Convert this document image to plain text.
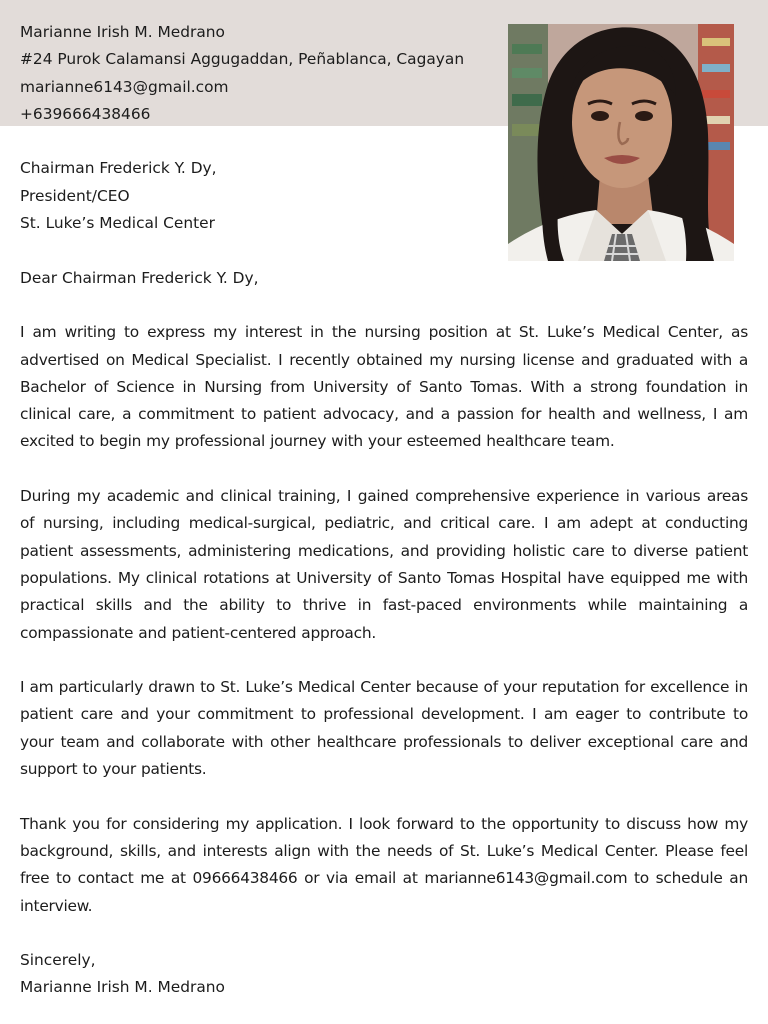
Marianne Irish M. Medrano
#24 Purok Calamansi Aggugaddan, Peñablanca, Cagayan
marianne6143@gmail.com
+639666438466
Chairman Frederick Y. Dy,
President/CEO
St. Luke’s Medical Center
Dear Chairman Frederick Y. Dy,

I am writing to express my interest in the nursing position at St. Luke’s Medical Center, as advertised on Medical Specialist. I recently obtained my nursing license and graduated with a Bachelor of Science in Nursing from University of Santo Tomas. With a strong foundation in clinical care, a commitment to patient advocacy, and a passion for health and wellness, I am excited to begin my professional journey with your esteemed healthcare team.

During my academic and clinical training, I gained comprehensive experience in various areas of nursing, including medical-surgical, pediatric, and critical care. I am adept at conducting patient assessments, administering medications, and providing holistic care to diverse patient populations. My clinical rotations at University of Santo Tomas Hospital have equipped me with practical skills and the ability to thrive in fast-paced environments while maintaining a compassionate and patient-centered approach.

I am particularly drawn to St. Luke’s Medical Center because of your reputation for excellence in patient care and your commitment to professional development. I am eager to contribute to your team and collaborate with other healthcare professionals to deliver exceptional care and support to your patients.

Thank you for considering my application. I look forward to the opportunity to discuss how my background, skills, and interests align with the needs of St. Luke’s Medical Center. Please feel free to contact me at 09666438466 or via email at marianne6143@gmail.com to schedule an interview.

Sincerely,
Marianne Irish M. Medrano
